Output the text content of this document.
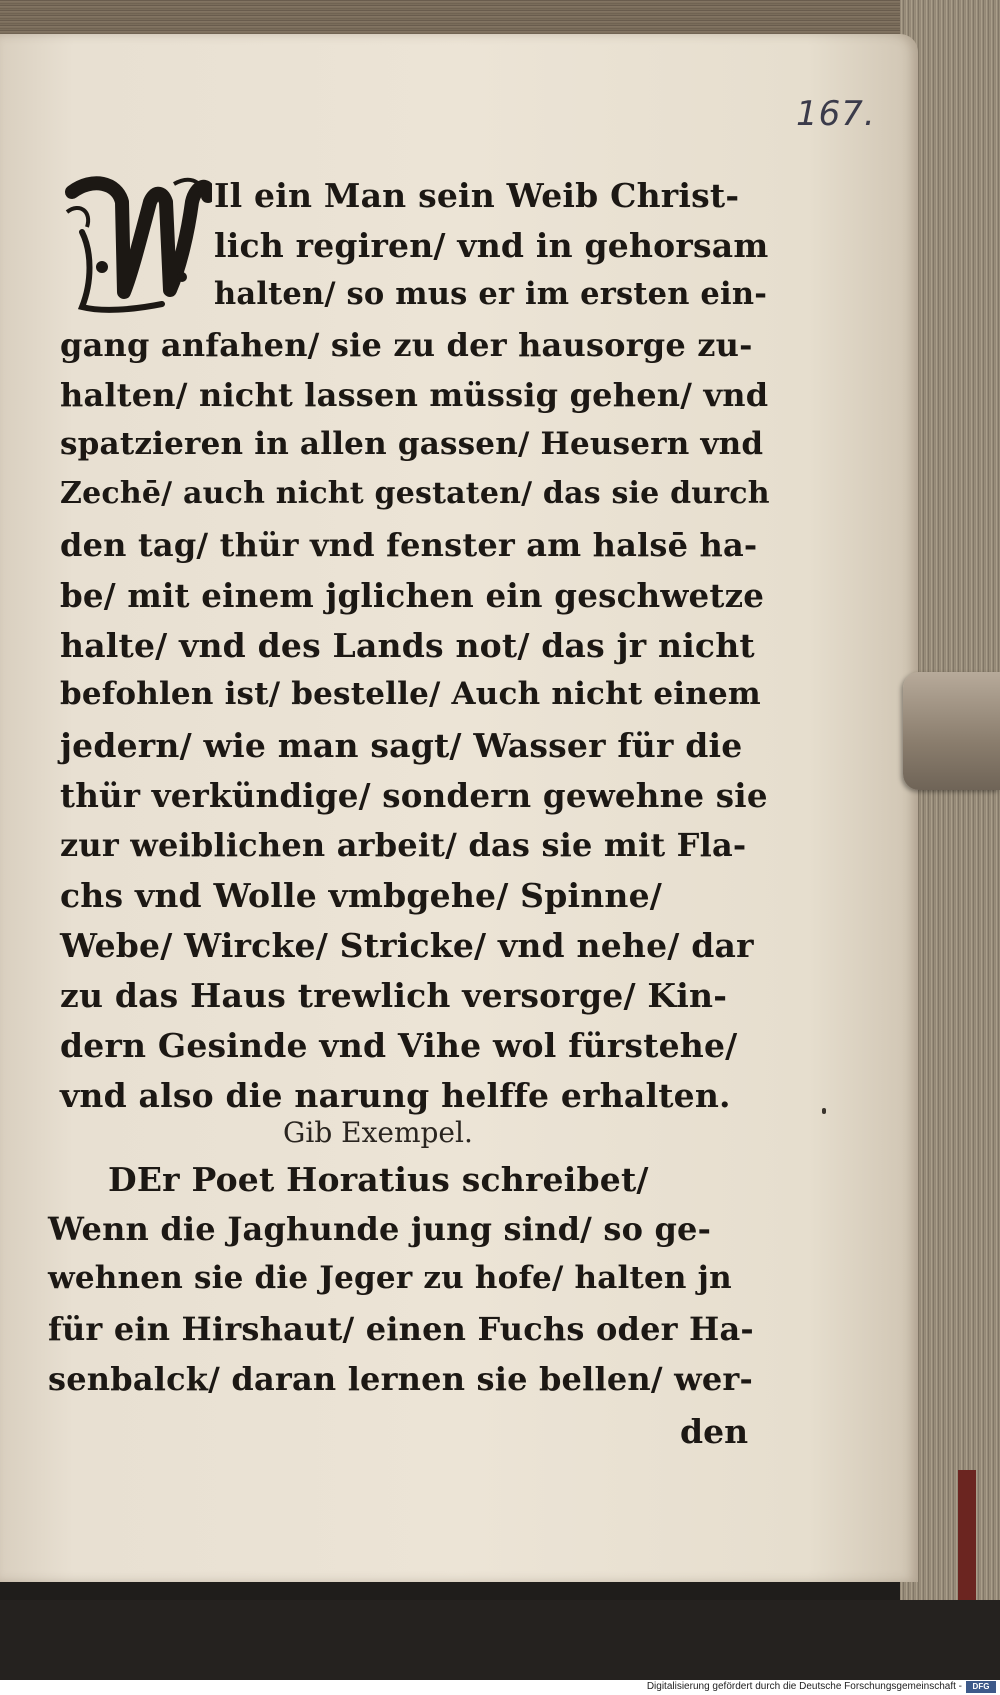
167.
Il ein Man sein Weib Christ-
lich regiren/ vnd in gehorsam
halten/ so mus er im ersten ein-
gang anfahen/ sie zu der hausorge zu-
halten/ nicht lassen müssig gehen/ vnd
spatzieren in allen gassen/ Heusern vnd
Zechē/ auch nicht gestaten/ das sie durch
den tag/ thür vnd fenster am halsē ha-
be/ mit einem jglichen ein geschwetze
halte/ vnd des Lands not/ das jr nicht
befohlen ist/ bestelle/ Auch nicht einem
jedern/ wie man sagt/ Wasser für die
thür verkündige/ sondern gewehne sie
zur weiblichen arbeit/ das sie mit Fla-
chs vnd Wolle vmbgehe/ Spinne/
Webe/ Wircke/ Stricke/ vnd nehe/ dar
zu das Haus trewlich versorge/ Kin-
dern Gesinde vnd Vihe wol fürstehe/
vnd also die narung helffe erhalten.
Gib Exempel.
DEr Poet Horatius schreibet/
Wenn die Jaghunde jung sind/ so ge-
wehnen sie die Jeger zu hofe/ halten jn
für ein Hirshaut/ einen Fuchs oder Ha-
senbalck/ daran lernen sie bellen/ wer-
den
Digitalisierung gefördert durch die Deutsche Forschungsgemeinschaft -	DFG
